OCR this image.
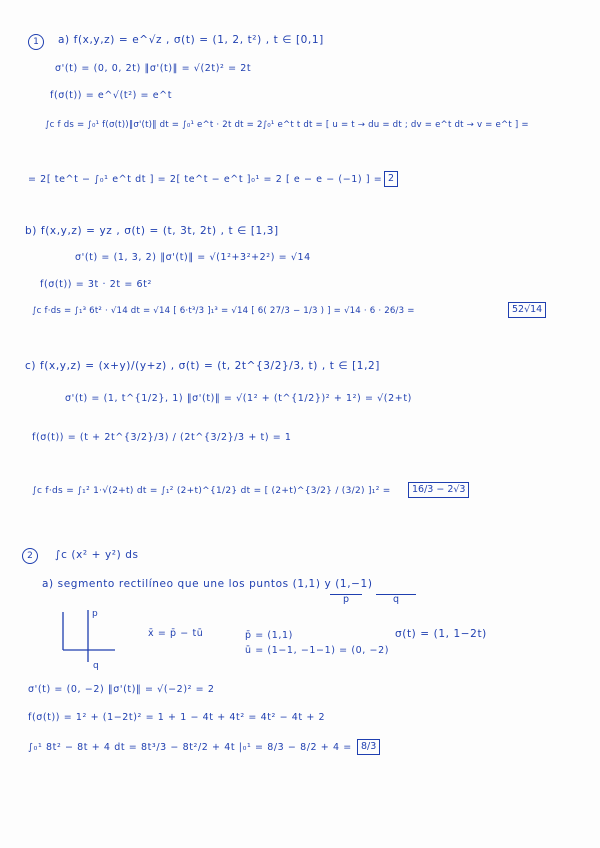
1	a) f(x,y,z) = e^√z , σ(t) = (1, 2, t²) , t ∈ [0,1]
σ'(t) = (0, 0, 2t) ‖σ'(t)‖ = √(2t)² = 2t
f(σ(t)) = e^√(t²) = e^t
∫c f ds = ∫₀¹ f(σ(t))‖σ'(t)‖ dt = ∫₀¹ e^t · 2t dt = 2∫₀¹ e^t t dt = [ u = t → du = dt ; dv = e^t dt → v = e^t ] =
= 2[ te^t − ∫₀¹ e^t dt ] = 2[ te^t − e^t ]₀¹ = 2 [ e − e − (−1) ] = 2
b) f(x,y,z) = yz , σ(t) = (t, 3t, 2t) , t ∈ [1,3]
σ'(t) = (1, 3, 2) ‖σ'(t)‖ = √(1²+3²+2²) = √14
f(σ(t)) = 3t · 2t = 6t²
∫c f·ds = ∫₁³ 6t² · √14 dt = √14 [ 6·t³/3 ]₁³ = √14 [ 6( 27/3 − 1/3 ) ] = √14 · 6 · 26/3 =	52√14
c) f(x,y,z) = (x+y)/(y+z) , σ(t) = (t, 2t^{3/2}/3, t) , t ∈ [1,2]
σ'(t) = (1, t^{1/2}, 1) ‖σ'(t)‖ = √(1² + (t^{1/2})² + 1²) = √(2+t)
f(σ(t)) = (t + 2t^{3/2}/3) / (2t^{3/2}/3 + t) = 1
∫c f·ds = ∫₁² 1·√(2+t) dt = ∫₁² (2+t)^{1/2} dt = [ (2+t)^{3/2} / (3/2) ]₁² =	16/3 − 2√3
2	∫c (x² + y²) ds
a) segmento rectilíneo que une los puntos (1,1) y (1,−1)
p	q
p
q
x̄ = p̄ − tū	p̄ = (1,1)
ū = (1−1, −1−1) = (0, −2)
σ(t) = (1, 1−2t)
σ'(t) = (0, −2) ‖σ'(t)‖ = √(−2)² = 2
f(σ(t)) = 1² + (1−2t)² = 1 + 1 − 4t + 4t² = 4t² − 4t + 2
∫₀¹ 8t² − 8t + 4 dt = 8t³/3 − 8t²/2 + 4t |₀¹ = 8/3 − 8/2 + 4 = 8/3
